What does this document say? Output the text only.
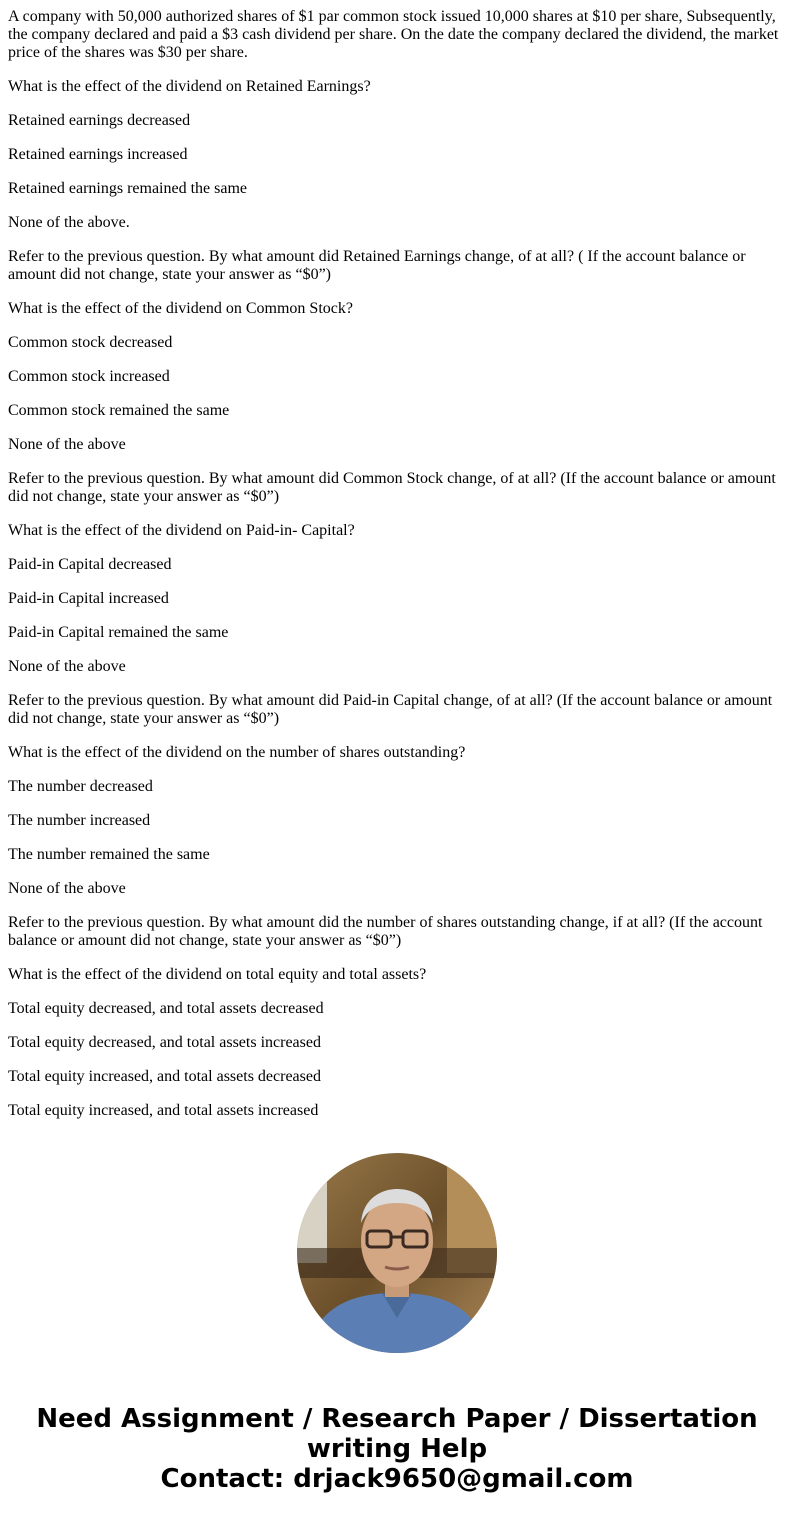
A company with 50,000 authorized shares of $1 par common stock issued 10,000 shares at $10 per share, Subsequently, the company declared and paid a $3 cash dividend per share. On the date the company declared the dividend, the market price of the shares was $30 per share.

What is the effect of the dividend on Retained Earnings?

Retained earnings decreased

Retained earnings increased

Retained earnings remained the same

None of the above.

Refer to the previous question. By what amount did Retained Earnings change, of at all? ( If the account balance or amount did not change, state your answer as “$0”)

What is the effect of the dividend on Common Stock?

Common stock decreased

Common stock increased

Common stock remained the same

None of the above

Refer to the previous question. By what amount did Common Stock change, of at all? (If the account balance or amount did not change, state your answer as “$0”)

What is the effect of the dividend on Paid-in- Capital?

Paid-in Capital decreased

Paid-in Capital increased

Paid-in Capital remained the same

None of the above

Refer to the previous question. By what amount did Paid-in Capital change, of at all? (If the account balance or amount did not change, state your answer as “$0”)

What is the effect of the dividend on the number of shares outstanding?

The number decreased

The number increased

The number remained the same

None of the above

Refer to the previous question. By what amount did the number of shares outstanding change, if at all? (If the account balance or amount did not change, state your answer as “$0”)

What is the effect of the dividend on total equity and total assets?

Total equity decreased, and total assets decreased

Total equity decreased, and total assets increased

Total equity increased, and total assets decreased

Total equity increased, and total assets increased

Need Assignment / Research Paper / Dissertation
writing Help
Contact: drjack9650@gmail.com
